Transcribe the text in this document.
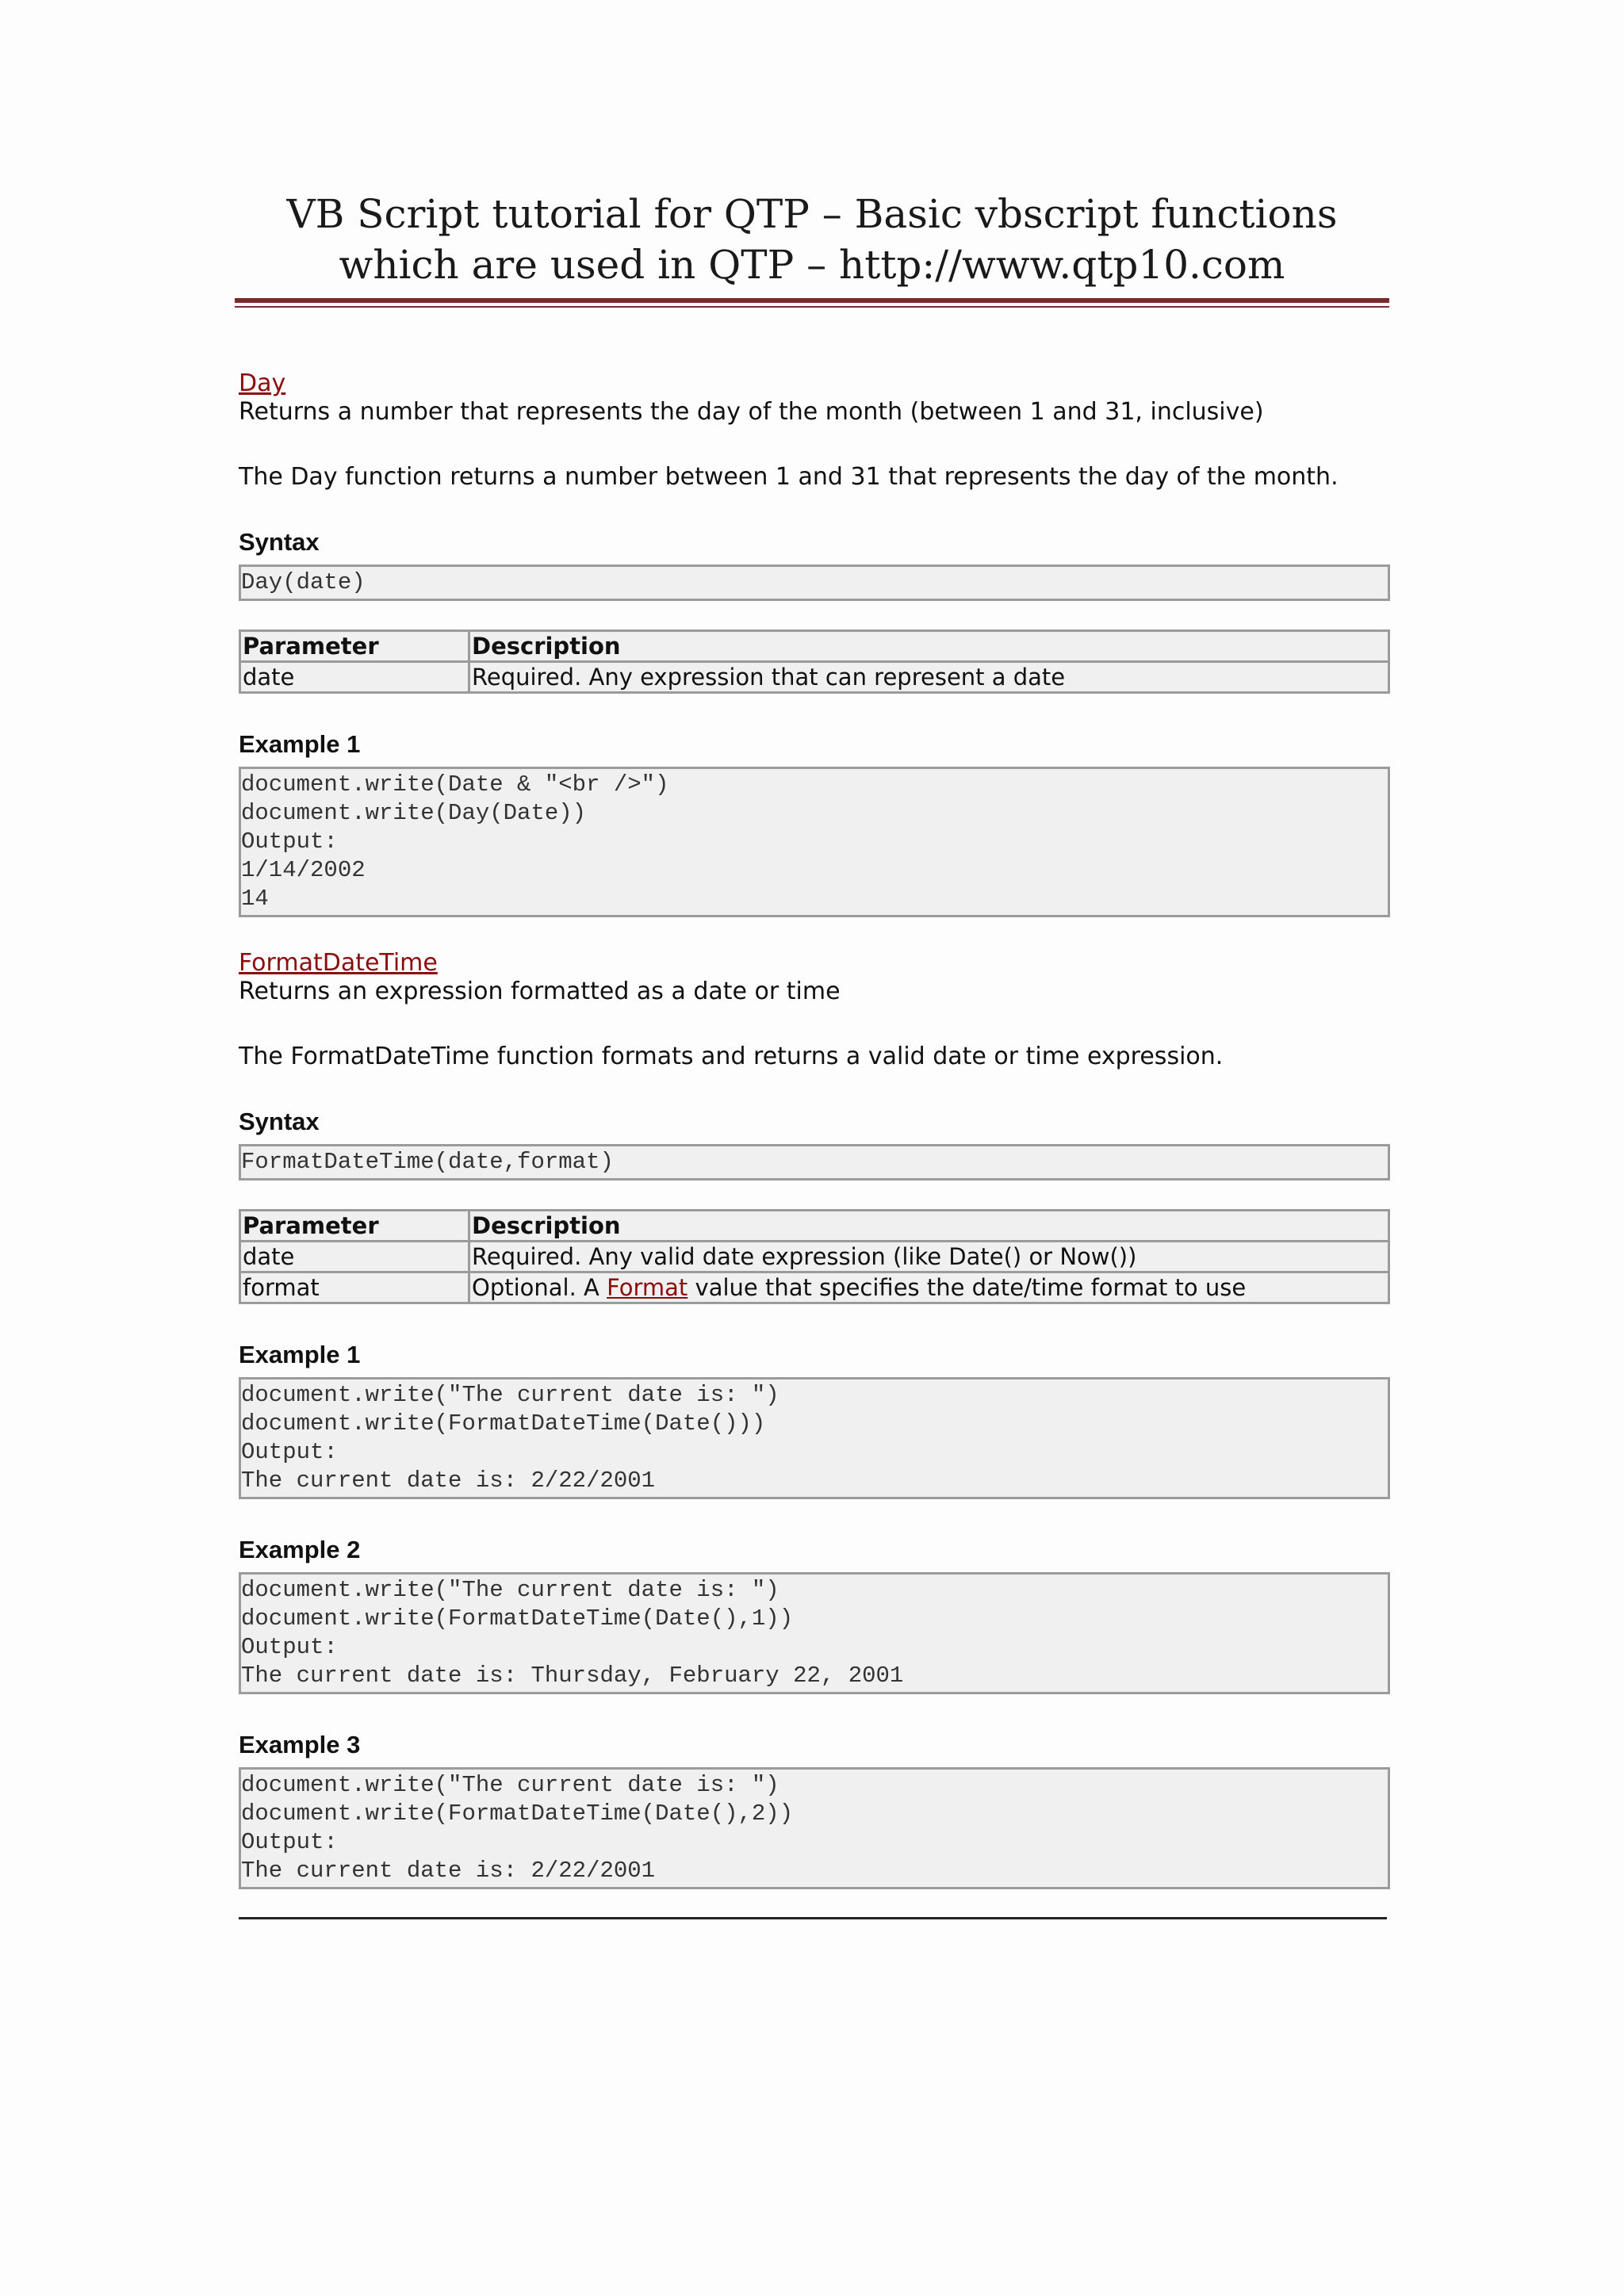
VB Script tutorial for QTP – Basic vbscript functions which are used in QTP – http://www.qtp10.com
Day

Returns a number that represents the day of the month (between 1 and 31, inclusive)

The Day function returns a number between 1 and 31 that represents the day of the month.

Syntax
Day(date)
Parameter	Description
date	Required. Any expression that can represent a date
Example 1
document.write(Date & "<br />")
document.write(Day(Date))
Output:
1/14/2002
14
FormatDateTime

Returns an expression formatted as a date or time

The FormatDateTime function formats and returns a valid date or time expression.

Syntax
FormatDateTime(date,format)
Parameter	Description
date	Required. Any valid date expression (like Date() or Now())
format	Optional. A Format value that specifies the date/time format to use
Example 1
document.write("The current date is: ")
document.write(FormatDateTime(Date()))
Output:
The current date is: 2/22/2001
Example 2
document.write("The current date is: ")
document.write(FormatDateTime(Date(),1))
Output:
The current date is: Thursday, February 22, 2001
Example 3
document.write("The current date is: ")
document.write(FormatDateTime(Date(),2))
Output:
The current date is: 2/22/2001
